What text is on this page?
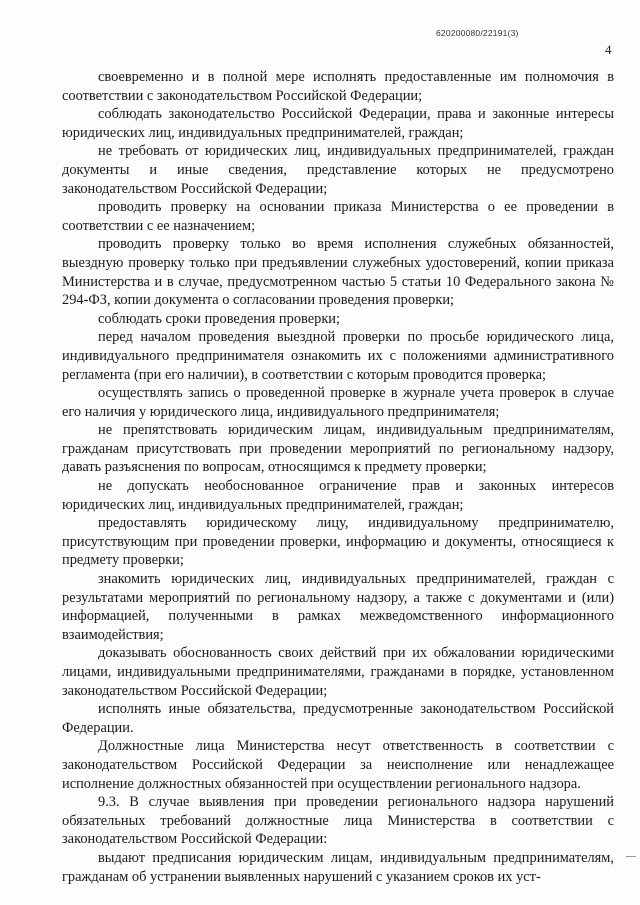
620200080/22191(3)
4

своевременно и в полной мере исполнять предоставленные им полномочия в соответствии с законодательством Российской Федерации;

соблюдать законодательство Российской Федерации, права и законные интересы юридических лиц, индивидуальных предпринимателей, граждан;

не требовать от юридических лиц, индивидуальных предпринимателей, граждан документы и иные сведения, представление которых не предусмотрено законодательством Российской Федерации;

проводить проверку на основании приказа Министерства о ее проведении в соответствии с ее назначением;

проводить проверку только во время исполнения служебных обязанностей, выездную проверку только при предъявлении служебных удостоверений, копии приказа Министерства и в случае, предусмотренном частью 5 статьи 10 Федерального закона № 294-ФЗ, копии документа о согласовании проведения проверки;

соблюдать сроки проведения проверки;

перед началом проведения выездной проверки по просьбе юридического лица, индивидуального предпринимателя ознакомить их с положениями административного регламента (при его наличии), в соответствии с которым проводится проверка;

осуществлять запись о проведенной проверке в журнале учета проверок в случае его наличия у юридического лица, индивидуального предпринимателя;

не препятствовать юридическим лицам, индивидуальным предпринимателям, гражданам присутствовать при проведении мероприятий по региональному надзору, давать разъяснения по вопросам, относящимся к предмету проверки;

не допускать необоснованное ограничение прав и законных интересов юридических лиц, индивидуальных предпринимателей, граждан;

предоставлять юридическому лицу, индивидуальному предпринимателю, присутствующим при проведении проверки, информацию и документы, относящиеся к предмету проверки;

знакомить юридических лиц, индивидуальных предпринимателей, граждан с результатами мероприятий по региональному надзору, а также с документами и (или) информацией, полученными в рамках межведомственного информационного взаимодействия;

доказывать обоснованность своих действий при их обжаловании юридическими лицами, индивидуальными предпринимателями, гражданами в порядке, установленном законодательством Российской Федерации;

исполнять иные обязательства, предусмотренные законодательством Российской Федерации.

Должностные лица Министерства несут ответственность в соответствии с законодательством Российской Федерации за неисполнение или ненадлежащее исполнение должностных обязанностей при осуществлении регионального надзора.

9.3. В случае выявления при проведении регионального надзора нарушений обязательных требований должностные лица Министерства в соответствии с законодательством Российской Федерации:

выдают предписания юридическим лицам, индивидуальным предпринимателям, гражданам об устранении выявленных нарушений с указанием сроков их уст-
